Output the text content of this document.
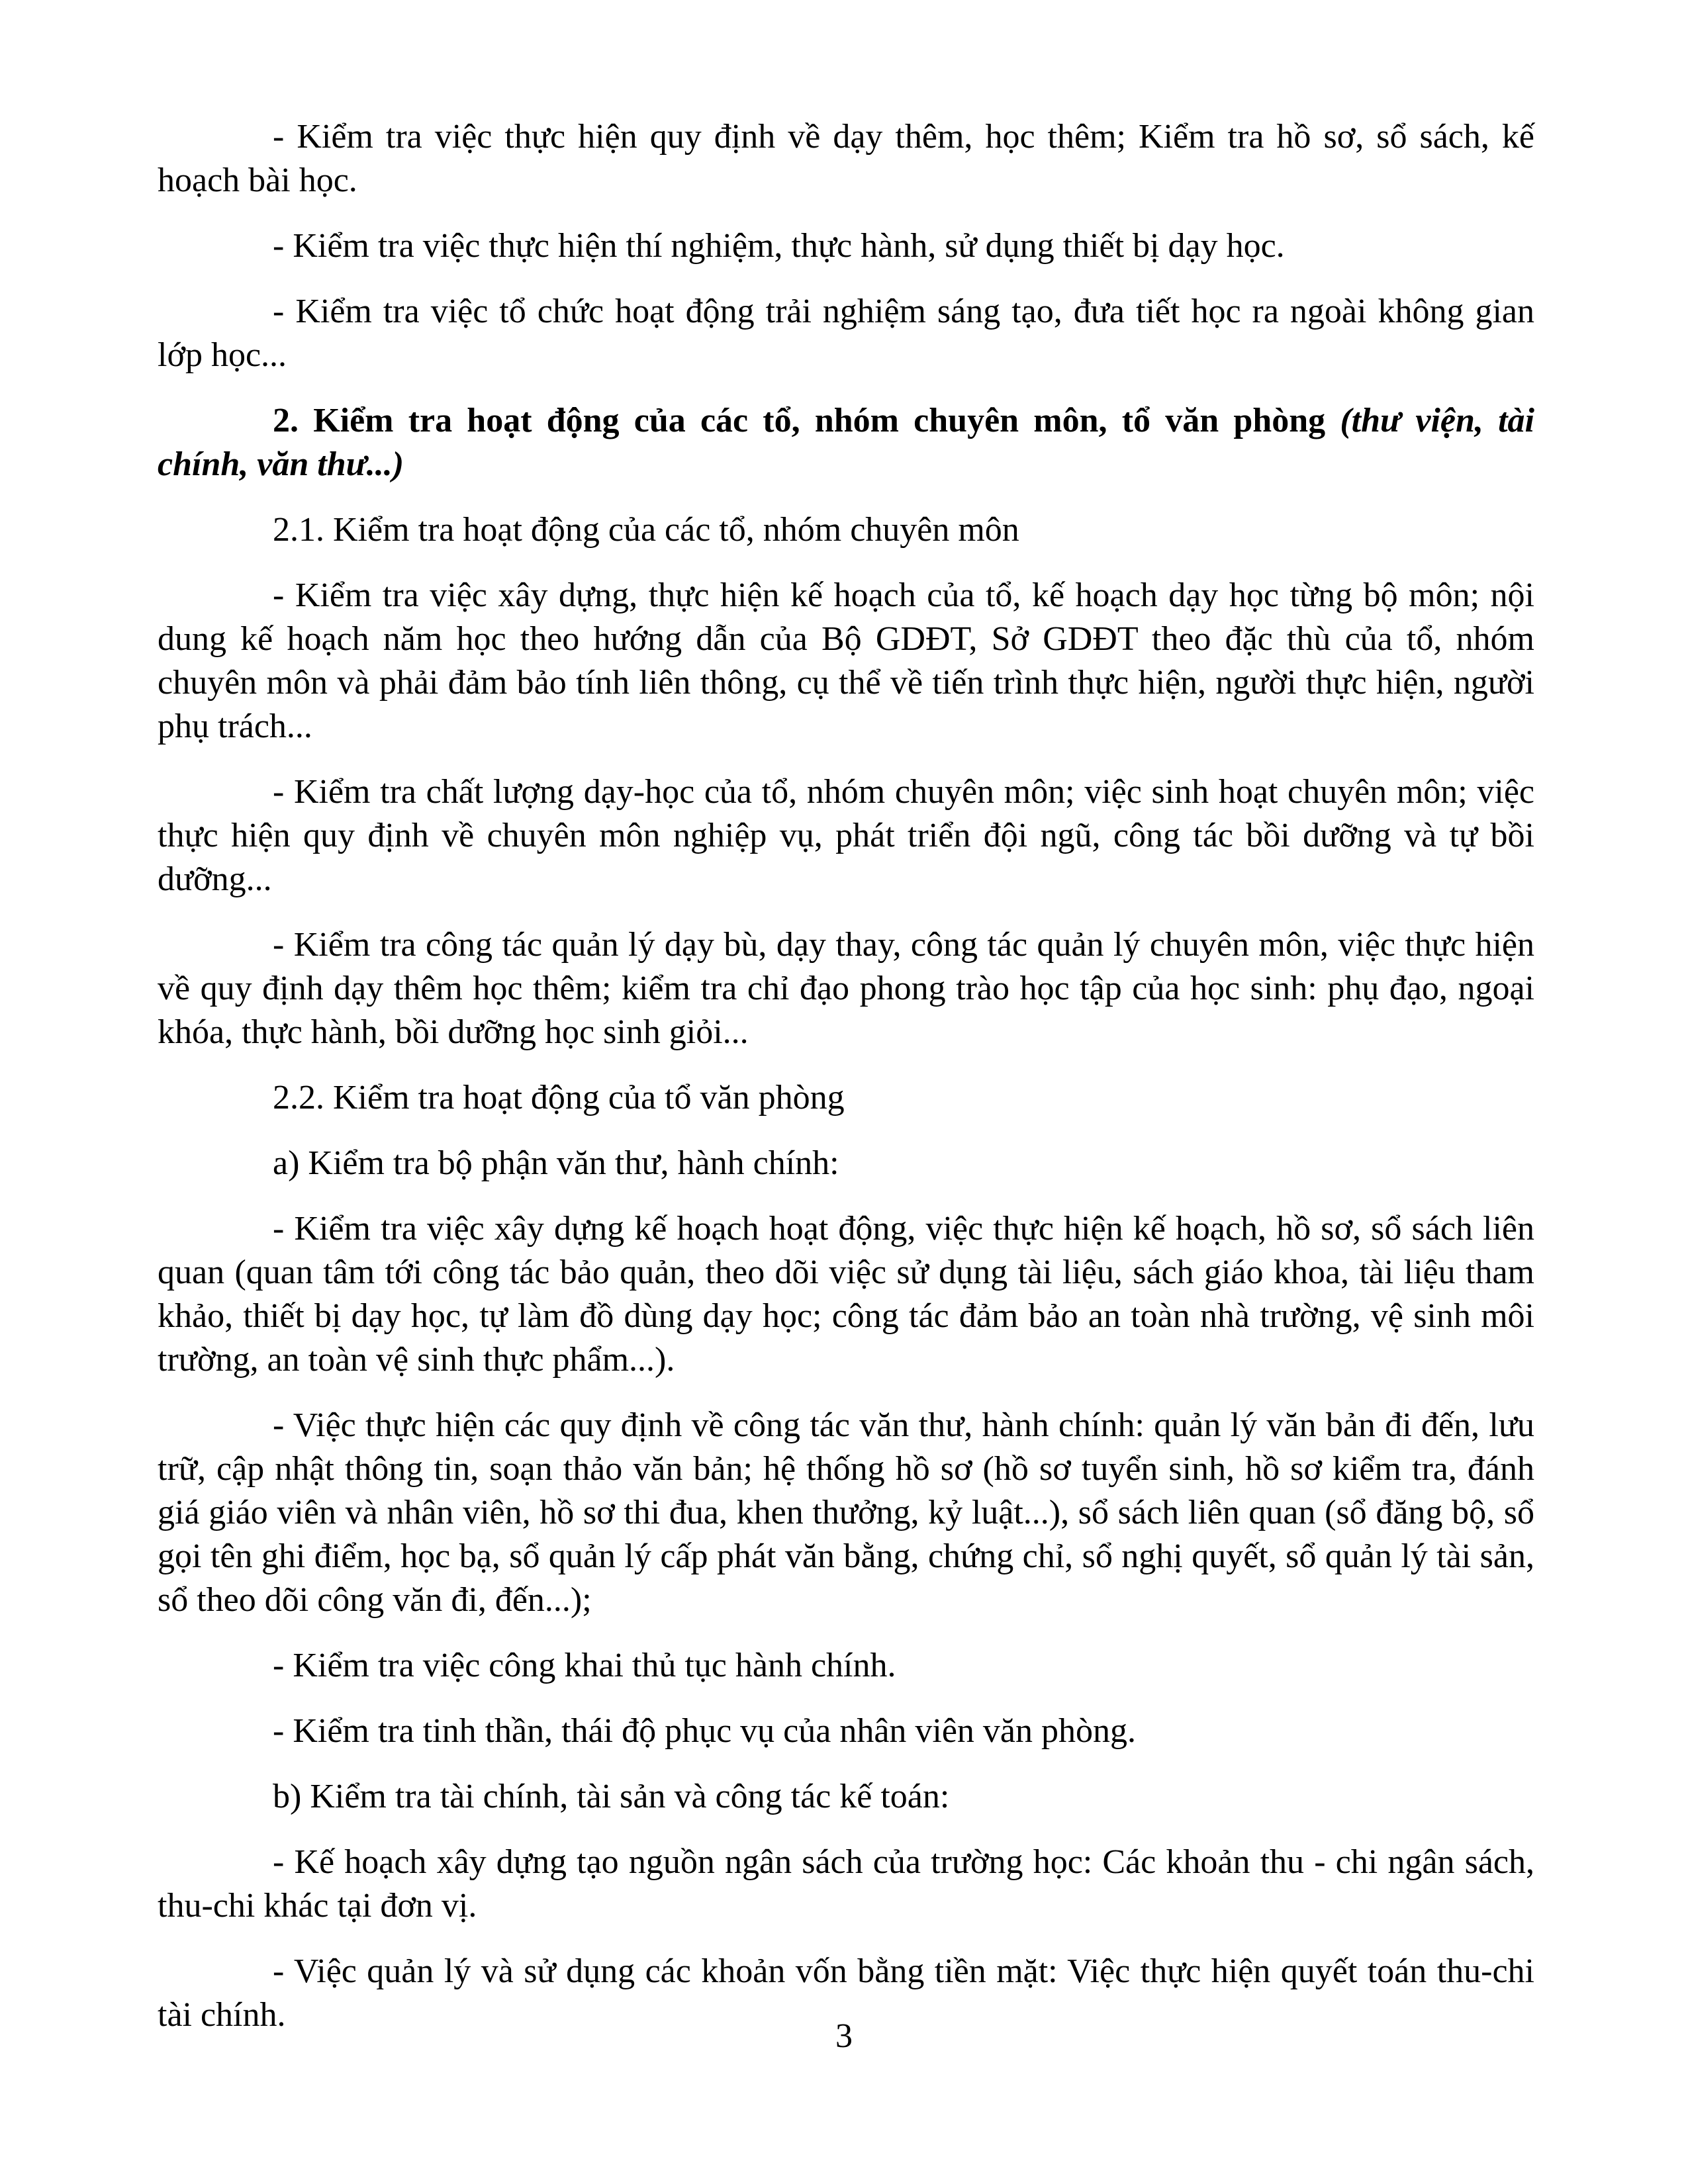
- Kiểm tra việc thực hiện quy định về dạy thêm, học thêm; Kiểm tra hồ sơ, sổ sách, kế hoạch bài học.

- Kiểm tra việc thực hiện thí nghiệm, thực hành, sử dụng thiết bị dạy học.

- Kiểm tra việc tổ chức hoạt động trải nghiệm sáng tạo, đưa tiết học ra ngoài không gian lớp học...

2. Kiểm tra hoạt động của các tổ, nhóm chuyên môn, tổ văn phòng (thư viện, tài chính, văn thư...)

2.1. Kiểm tra hoạt động của các tổ, nhóm chuyên môn

- Kiểm tra việc xây dựng, thực hiện kế hoạch của tổ, kế hoạch dạy học từng bộ môn; nội dung kế hoạch năm học theo hướng dẫn của Bộ GDĐT, Sở GDĐT theo đặc thù của tổ, nhóm chuyên môn và phải đảm bảo tính liên thông, cụ thể về tiến trình thực hiện, người thực hiện, người phụ trách...

- Kiểm tra chất lượng dạy-học của tổ, nhóm chuyên môn; việc sinh hoạt chuyên môn; việc thực hiện quy định về chuyên môn nghiệp vụ, phát triển đội ngũ, công tác bồi dưỡng và tự bồi dưỡng...

- Kiểm tra công tác quản lý dạy bù, dạy thay, công tác quản lý chuyên môn, việc thực hiện về quy định dạy thêm học thêm; kiểm tra chỉ đạo phong trào học tập của học sinh: phụ đạo, ngoại khóa, thực hành, bồi dưỡng học sinh giỏi...

2.2. Kiểm tra hoạt động của tổ văn phòng

a) Kiểm tra bộ phận văn thư, hành chính:

- Kiểm tra việc xây dựng kế hoạch hoạt động, việc thực hiện kế hoạch, hồ sơ, sổ sách liên quan (quan tâm tới công tác bảo quản, theo dõi việc sử dụng tài liệu, sách giáo khoa, tài liệu tham khảo, thiết bị dạy học, tự làm đồ dùng dạy học; công tác đảm bảo an toàn nhà trường, vệ sinh môi trường, an toàn vệ sinh thực phẩm...).

- Việc thực hiện các quy định về công tác văn thư, hành chính: quản lý văn bản đi đến, lưu trữ, cập nhật thông tin, soạn thảo văn bản; hệ thống hồ sơ (hồ sơ tuyển sinh, hồ sơ kiểm tra, đánh giá giáo viên và nhân viên, hồ sơ thi đua, khen thưởng, kỷ luật...), sổ sách liên quan (sổ đăng bộ, sổ gọi tên ghi điểm, học bạ, sổ quản lý cấp phát văn bằng, chứng chỉ, sổ nghị quyết, sổ quản lý tài sản, sổ theo dõi công văn đi, đến...);

- Kiểm tra việc công khai thủ tục hành chính.

- Kiểm tra tinh thần, thái độ phục vụ của nhân viên văn phòng.

b) Kiểm tra tài chính, tài sản và công tác kế toán:

- Kế hoạch xây dựng tạo nguồn ngân sách của trường học: Các khoản thu - chi ngân sách, thu-chi khác tại đơn vị.

- Việc quản lý và sử dụng các khoản vốn bằng tiền mặt: Việc thực hiện quyết toán thu-chi tài chính.

3
